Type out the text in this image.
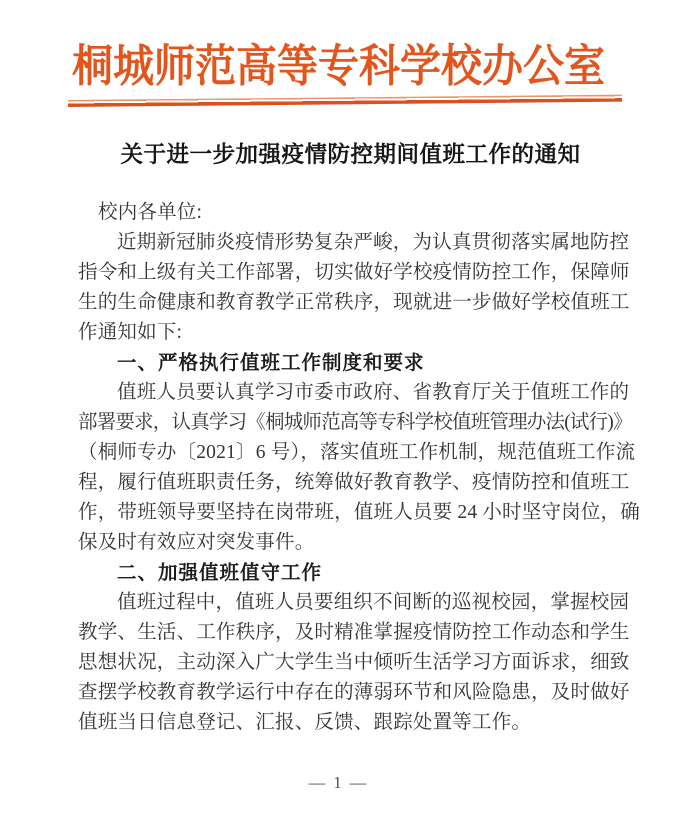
桐城师范高等专科学校办公室
关于进一步加强疫情防控期间值班工作的通知
校内各单位:
近期新冠肺炎疫情形势复杂严峻，为认真贯彻落实属地防控
指令和上级有关工作部署，切实做好学校疫情防控工作，保障师
生的生命健康和教育教学正常秩序，现就进一步做好学校值班工
作通知如下:
一、严格执行值班工作制度和要求
值班人员要认真学习市委市政府、省教育厅关于值班工作的
部署要求，认真学习《桐城师范高等专科学校值班管理办法(试行)》
（桐师专办〔2021〕6 号），落实值班工作机制，规范值班工作流
程，履行值班职责任务，统筹做好教育教学、疫情防控和值班工
作，带班领导要坚持在岗带班，值班人员要 24 小时坚守岗位，确
保及时有效应对突发事件。
二、加强值班值守工作
值班过程中，值班人员要组织不间断的巡视校园，掌握校园
教学、生活、工作秩序，及时精准掌握疫情防控工作动态和学生
思想状况，主动深入广大学生当中倾听生活学习方面诉求，细致
查摆学校教育教学运行中存在的薄弱环节和风险隐患，及时做好
值班当日信息登记、汇报、反馈、跟踪处置等工作。
— 1 —
